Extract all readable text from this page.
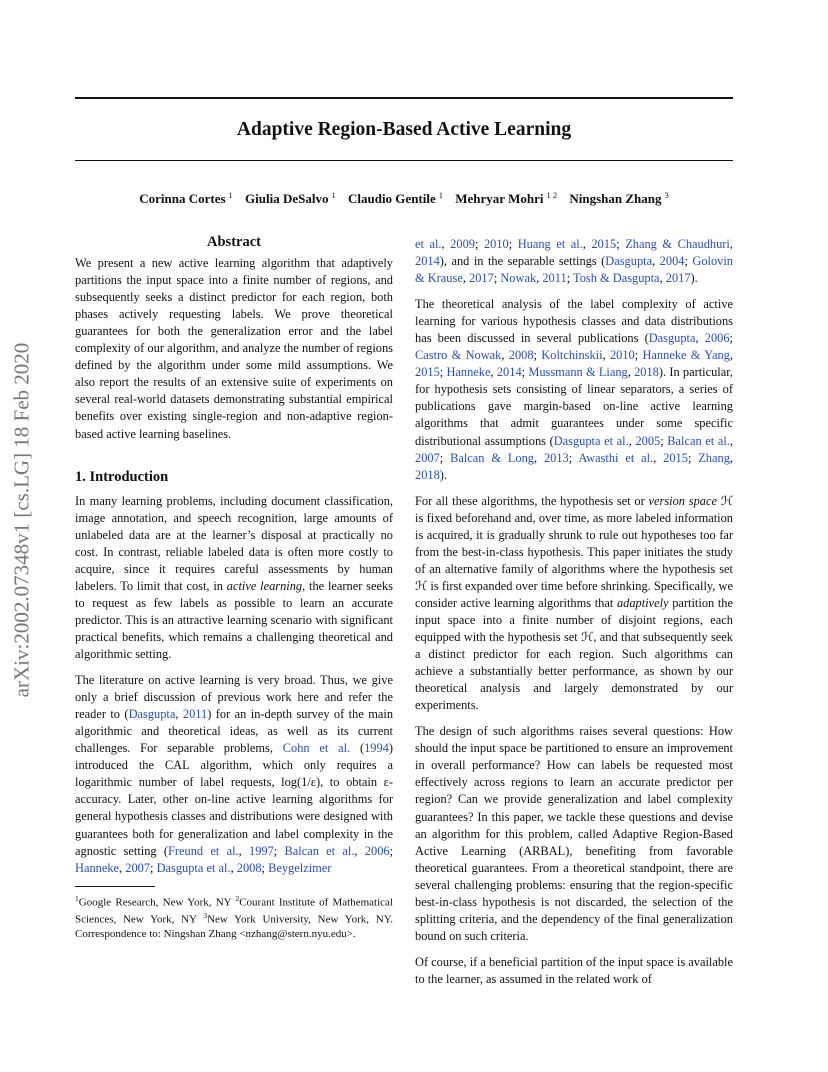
arXiv:2002.07348v1 [cs.LG] 18 Feb 2020
Adaptive Region-Based Active Learning
Corinna Cortes $^1$ Giulia DeSalvo $^1$ Claudio Gentile $^1$ Mehryar Mohri $^{1 2}$ Ningshan Zhang $^3$
Abstract

We present a new active learning algorithm that adaptively partitions the input space into a finite number of regions, and subsequently seeks a distinct predictor for each region, both phases actively requesting labels. We prove theoretical guarantees for both the generalization error and the label complexity of our algorithm, and analyze the number of regions defined by the algorithm under some mild assumptions. We also report the results of an extensive suite of experiments on several real-world datasets demonstrating substantial empirical benefits over existing single-region and non-adaptive region-based active learning baselines.

1. Introduction

In many learning problems, including document classification, image annotation, and speech recognition, large amounts of unlabeled data are at the learner’s disposal at practically no cost. In contrast, reliable labeled data is often more costly to acquire, since it requires careful assessments by human labelers. To limit that cost, in active learning, the learner seeks to request as few labels as possible to learn an accurate predictor. This is an attractive learning scenario with significant practical benefits, which remains a challenging theoretical and algorithmic setting.

The literature on active learning is very broad. Thus, we give only a brief discussion of previous work here and refer the reader to (Dasgupta, 2011) for an in-depth survey of the main algorithmic and theoretical ideas, as well as its current challenges. For separable problems, Cohn et al. (1994) introduced the CAL algorithm, which only requires a logarithmic number of label requests, log(1/ε), to obtain ε-accuracy. Later, other on-line active learning algorithms for general hypothesis classes and distributions were designed with guarantees both for generalization and label complexity in the agnostic setting (Freund et al., 1997; Balcan et al., 2006; Hanneke, 2007; Dasgupta et al., 2008; Beygelzimer

$^1$Google Research, New York, NY $^2$Courant Institute of Mathematical Sciences, New York, NY $^3$New York University, New York, NY. Correspondence to: Ningshan Zhang <nzhang@stern.nyu.edu>.

et al., 2009; 2010; Huang et al., 2015; Zhang & Chaudhuri, 2014), and in the separable settings (Dasgupta, 2004; Golovin & Krause, 2017; Nowak, 2011; Tosh & Dasgupta, 2017).

The theoretical analysis of the label complexity of active learning for various hypothesis classes and data distributions has been discussed in several publications (Dasgupta, 2006; Castro & Nowak, 2008; Koltchinskii, 2010; Hanneke & Yang, 2015; Hanneke, 2014; Mussmann & Liang, 2018). In particular, for hypothesis sets consisting of linear separators, a series of publications gave margin-based on-line active learning algorithms that admit guarantees under some specific distributional assumptions (Dasgupta et al., 2005; Balcan et al., 2007; Balcan & Long, 2013; Awasthi et al., 2015; Zhang, 2018).

For all these algorithms, the hypothesis set or version space ℋ is fixed beforehand and, over time, as more labeled information is acquired, it is gradually shrunk to rule out hypotheses too far from the best-in-class hypothesis. This paper initiates the study of an alternative family of algorithms where the hypothesis set ℋ is first expanded over time before shrinking. Specifically, we consider active learning algorithms that adaptively partition the input space into a finite number of disjoint regions, each equipped with the hypothesis set ℋ, and that subsequently seek a distinct predictor for each region. Such algorithms can achieve a substantially better performance, as shown by our theoretical analysis and largely demonstrated by our experiments.

The design of such algorithms raises several questions: How should the input space be partitioned to ensure an improvement in overall performance? How can labels be requested most effectively across regions to learn an accurate predictor per region? Can we provide generalization and label complexity guarantees? In this paper, we tackle these questions and devise an algorithm for this problem, called Adaptive Region-Based Active Learning (ARBAL), benefiting from favorable theoretical guarantees. From a theoretical standpoint, there are several challenging problems: ensuring that the region-specific best-in-class hypothesis is not discarded, the selection of the splitting criteria, and the dependency of the final generalization bound on such criteria.

Of course, if a beneficial partition of the input space is available to the learner, as assumed in the related work of
